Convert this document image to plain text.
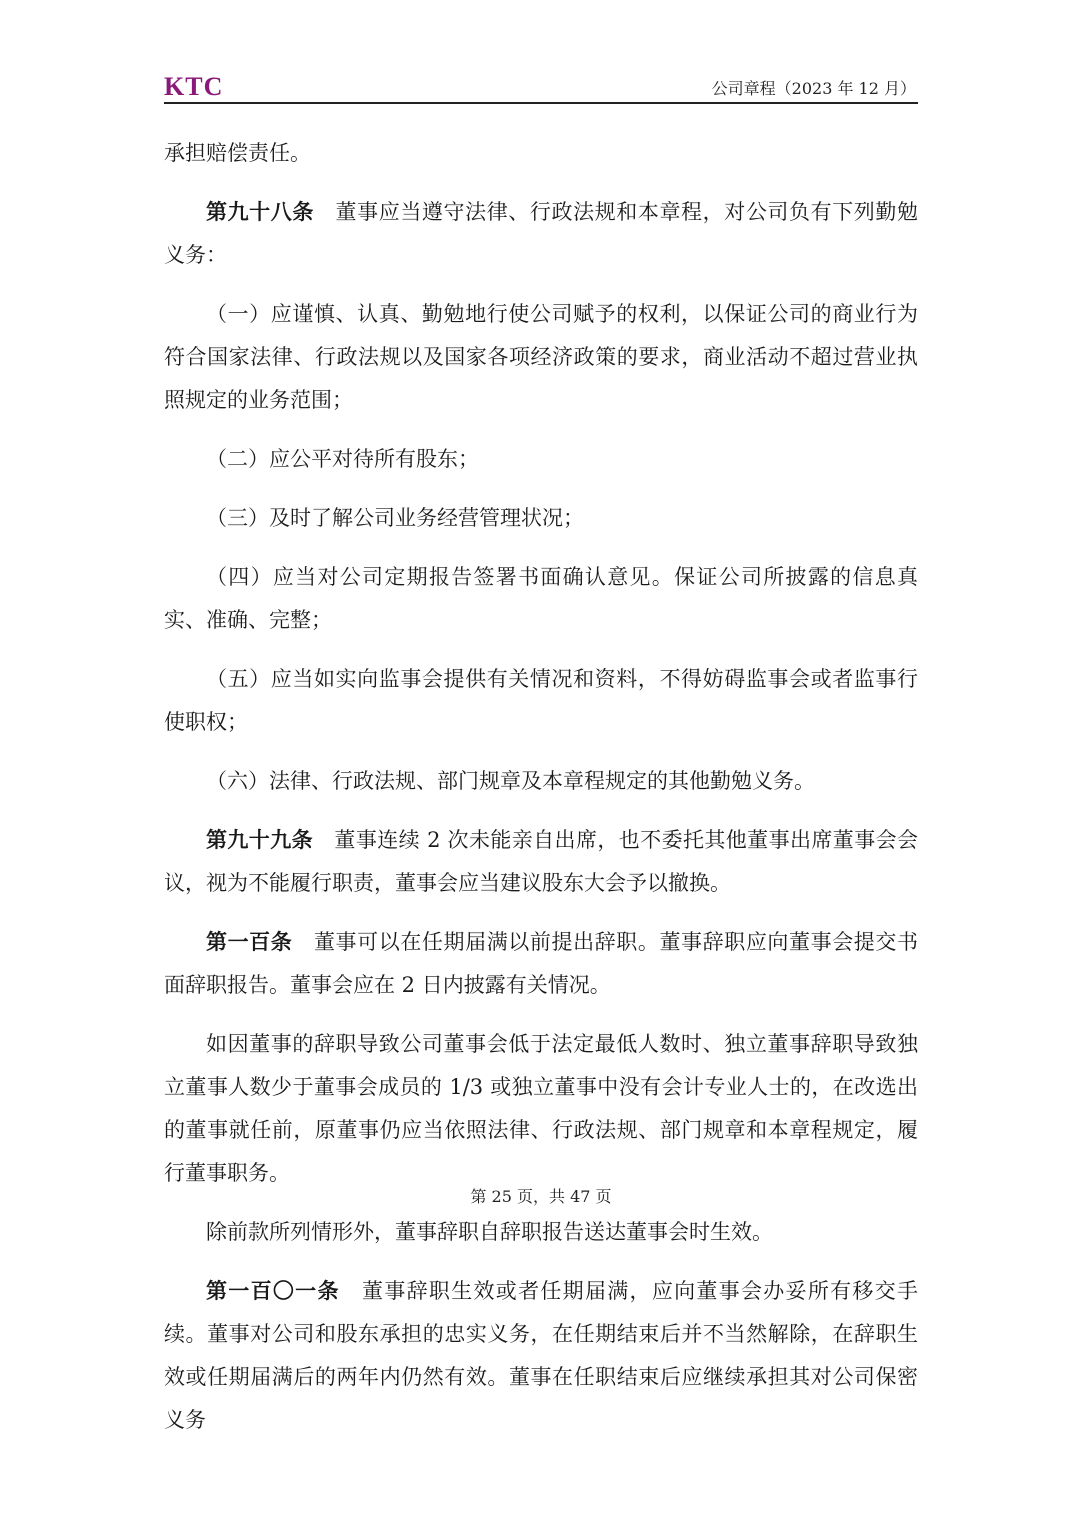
KTC	公司章程（2023 年 12 月）

承担赔偿责任。

第九十八条　董事应当遵守法律、行政法规和本章程，对公司负有下列勤勉义务：

（一）应谨慎、认真、勤勉地行使公司赋予的权利，以保证公司的商业行为符合国家法律、行政法规以及国家各项经济政策的要求，商业活动不超过营业执照规定的业务范围；

（二）应公平对待所有股东；

（三）及时了解公司业务经营管理状况；

（四）应当对公司定期报告签署书面确认意见。保证公司所披露的信息真实、准确、完整；

（五）应当如实向监事会提供有关情况和资料，不得妨碍监事会或者监事行使职权；

（六）法律、行政法规、部门规章及本章程规定的其他勤勉义务。

第九十九条　董事连续 2 次未能亲自出席，也不委托其他董事出席董事会会议，视为不能履行职责，董事会应当建议股东大会予以撤换。

第一百条　董事可以在任期届满以前提出辞职。董事辞职应向董事会提交书面辞职报告。董事会应在 2 日内披露有关情况。

如因董事的辞职导致公司董事会低于法定最低人数时、独立董事辞职导致独立董事人数少于董事会成员的 1/3 或独立董事中没有会计专业人士的，在改选出的董事就任前，原董事仍应当依照法律、行政法规、部门规章和本章程规定，履行董事职务。

除前款所列情形外，董事辞职自辞职报告送达董事会时生效。

第一百〇一条　董事辞职生效或者任期届满，应向董事会办妥所有移交手续。董事对公司和股东承担的忠实义务，在任期结束后并不当然解除，在辞职生效或任期届满后的两年内仍然有效。董事在任职结束后应继续承担其对公司保密义务

第 25 页，共 47 页
